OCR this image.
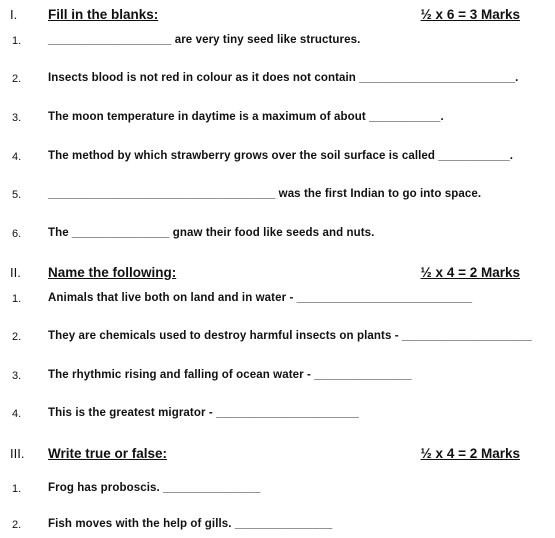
I. Fill in the blanks:	½ x 6 = 3 Marks
1. ___________________ are very tiny seed like structures.
2. Insects blood is not red in colour as it does not contain ________________________.
3. The moon temperature in daytime is a maximum of about ___________.
4. The method by which strawberry grows over the soil surface is called ___________.
5. ___________________________________ was the first Indian to go into space.
6. The _______________ gnaw their food like seeds and nuts.
II. Name the following:	½ x 4 = 2 Marks
1. Animals that live both on land and in water - ___________________________
2. They are chemicals used to destroy harmful insects on plants - ____________________
3. The rhythmic rising and falling of ocean water - _______________
4. This is the greatest migrator - ______________________
III. Write true or false:	½ x 4 = 2 Marks
1. Frog has proboscis. _______________
2. Fish moves with the help of gills. _______________
